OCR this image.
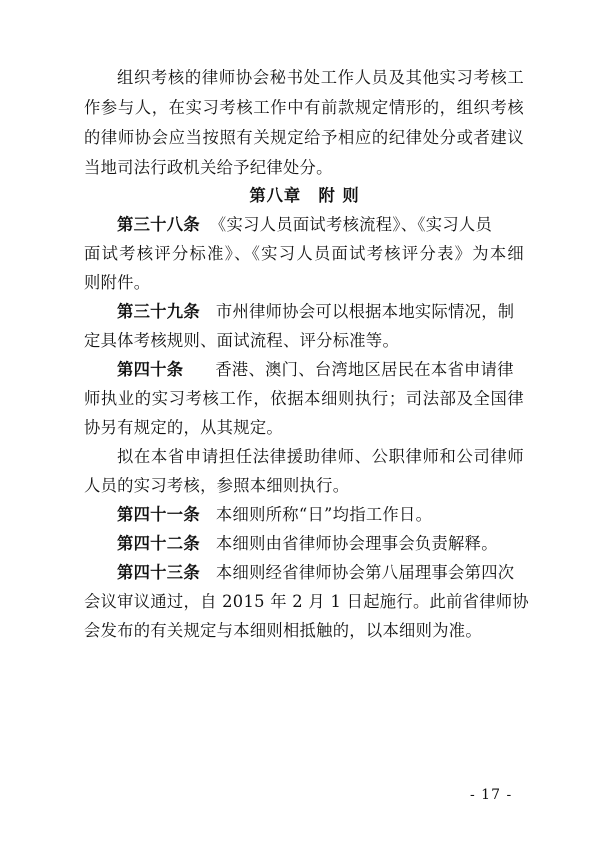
组织考核的律师协会秘书处工作人员及其他实习考核工
作参与人，在实习考核工作中有前款规定情形的，组织考核
的律师协会应当按照有关规定给予相应的纪律处分或者建议
当地司法行政机关给予纪律处分。
第八章　附 则
第三十八条 《实习人员面试考核流程》、《实习人员
面试考核评分标准》、《实习人员面试考核评分表》为本细
则附件。
第三十九条 市州律师协会可以根据本地实际情况，制
定具体考核规则、面试流程、评分标准等。
第四十条 香港、澳门、台湾地区居民在本省申请律
师执业的实习考核工作，依据本细则执行；司法部及全国律
协另有规定的，从其规定。
拟在本省申请担任法律援助律师、公职律师和公司律师
人员的实习考核，参照本细则执行。
第四十一条 本细则所称“日”均指工作日。
第四十二条 本细则由省律师协会理事会负责解释。
第四十三条 本细则经省律师协会第八届理事会第四次
会议审议通过，自 2015 年 2 月 1 日起施行。此前省律师协
会发布的有关规定与本细则相抵触的，以本细则为准。
- 17 -
